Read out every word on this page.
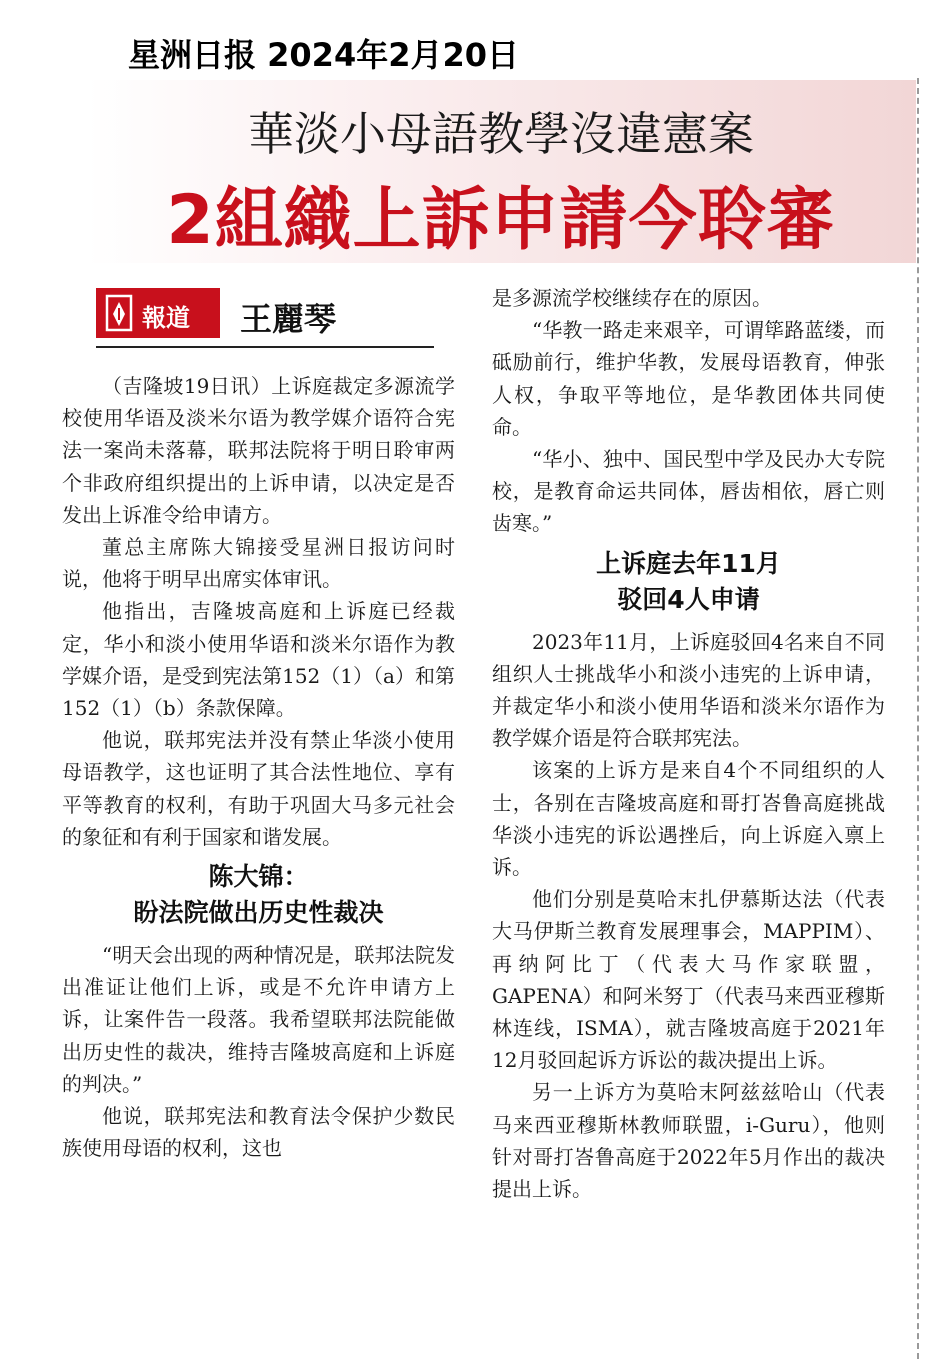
星洲日报 2024年2月20日
華淡小母語教學沒違憲案
2組織上訴申請今聆審
報道 王麗琴

（吉隆坡19日讯）上诉庭裁定多源流学校使用华语及淡米尔语为教学媒介语符合宪法一案尚未落幕，联邦法院将于明日聆审两个非政府组织提出的上诉申请，以决定是否发出上诉准令给申请方。

董总主席陈大锦接受星洲日报访问时说，他将于明早出席实体审讯。

他指出，吉隆坡高庭和上诉庭已经裁定，华小和淡小使用华语和淡米尔语作为教学媒介语，是受到宪法第152（1）（a）和第152（1）（b）条款保障。

他说，联邦宪法并没有禁止华淡小使用母语教学，这也证明了其合法性地位、享有平等教育的权利，有助于巩固大马多元社会的象征和有利于国家和谐发展。

陈大锦：
盼法院做出历史性裁决

“明天会出现的两种情况是，联邦法院发出准证让他们上诉，或是不允许申请方上诉，让案件告一段落。我希望联邦法院能做出历史性的裁决，维持吉隆坡高庭和上诉庭的判决。”

他说，联邦宪法和教育法令保护少数民族使用母语的权利，这也

是多源流学校继续存在的原因。

“华教一路走来艰辛，可谓筚路蓝缕，而砥励前行，维护华教，发展母语教育，伸张人权，争取平等地位，是华教团体共同使命。

“华小、独中、国民型中学及民办大专院校，是教育命运共同体，唇齿相依，唇亡则齿寒。”

上诉庭去年11月
驳回4人申请

2023年11月，上诉庭驳回4名来自不同组织人士挑战华小和淡小违宪的上诉申请，并裁定华小和淡小使用华语和淡米尔语作为教学媒介语是符合联邦宪法。

该案的上诉方是来自4个不同组织的人士，各别在吉隆坡高庭和哥打峇鲁高庭挑战华淡小违宪的诉讼遇挫后，向上诉庭入禀上诉。

他们分别是莫哈末扎伊慕斯达法（代表大马伊斯兰教育发展理事会，MAPPIM）、再纳阿比丁（代表大马作家联盟，GAPENA）和阿米努丁（代表马来西亚穆斯林连线，ISMA），就吉隆坡高庭于2021年12月驳回起诉方诉讼的裁决提出上诉。

另一上诉方为莫哈末阿兹兹哈山（代表马来西亚穆斯林教师联盟，i-Guru），他则针对哥打峇鲁高庭于2022年5月作出的裁决提出上诉。
